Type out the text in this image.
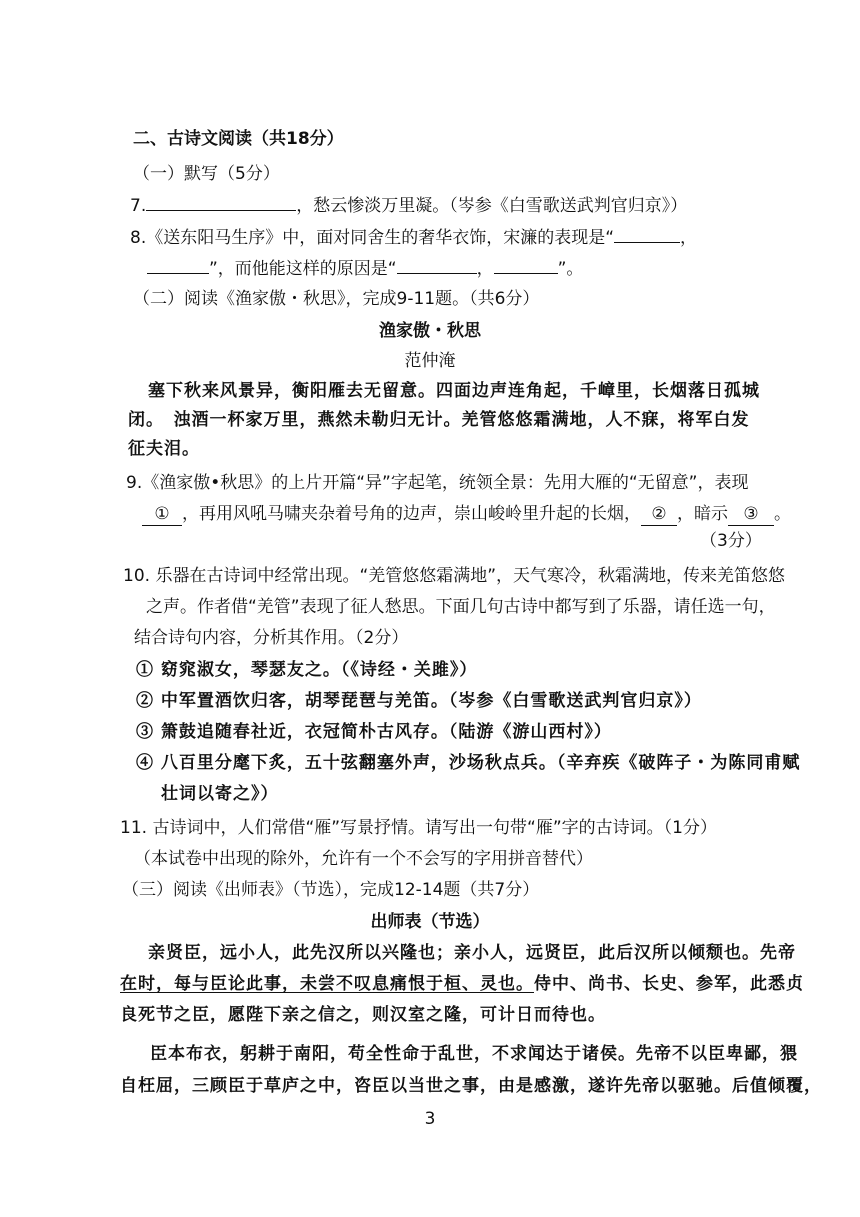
二、古诗文阅读（共18分）
（一）默写（5分）
7.	，愁云惨淡万里凝。（岑参《白雪歌送武判官归京》）
8.《送东阳马生序》中，面对同舍生的奢华衣饰，宋濂的表现是“	，
”，而他能这样的原因是“	，	”。
（二）阅读《渔家傲・秋思》，完成9-11题。（共6分）
渔家傲・秋思
范仲淹
塞下秋来风景异，衡阳雁去无留意。四面边声连角起，千嶂里，长烟落日孤城
闭。　浊酒一杯家万里，燕然未勒归无计。羌管悠悠霜满地，人不寐，将军白发
征夫泪。
9.《渔家傲•秋思》的上片开篇“异”字起笔，统领全景：先用大雁的“无留意”，表现
① ，再用风吼马啸夹杂着号角的边声，崇山峻岭里升起的长烟， ② ，暗示 ③ 。
（3分）
10. 乐器在古诗词中经常出现。“羌管悠悠霜满地”，天气寒冷，秋霜满地，传来羌笛悠悠
之声。作者借“羌管”表现了征人愁思。下面几句古诗中都写到了乐器，请任选一句，
结合诗句内容，分析其作用。（2分）
① 窈窕淑女，琴瑟友之。（《诗经・关雎》）
② 中军置酒饮归客，胡琴琵琶与羌笛。（岑参《白雪歌送武判官归京》）
③ 箫鼓追随春社近，衣冠简朴古风存。（陆游《游山西村》）
④ 八百里分麾下炙，五十弦翻塞外声，沙场秋点兵。（辛弃疾《破阵子・为陈同甫赋
壮词以寄之》）
11. 古诗词中，人们常借“雁”写景抒情。请写出一句带“雁”字的古诗词。（1分）
（本试卷中出现的除外，允许有一个不会写的字用拼音替代）
（三）阅读《出师表》（节选），完成12-14题（共7分）
出师表（节选）
亲贤臣，远小人，此先汉所以兴隆也；亲小人，远贤臣，此后汉所以倾颓也。先帝
在时，每与臣论此事，未尝不叹息痛恨于桓、灵也。侍中、尚书、长史、参军，此悉贞
良死节之臣，愿陛下亲之信之，则汉室之隆，可计日而待也。
臣本布衣，躬耕于南阳，苟全性命于乱世，不求闻达于诸侯。先帝不以臣卑鄙，猥
自枉屈，三顾臣于草庐之中，咨臣以当世之事，由是感激，遂许先帝以驱驰。后值倾覆，
3
